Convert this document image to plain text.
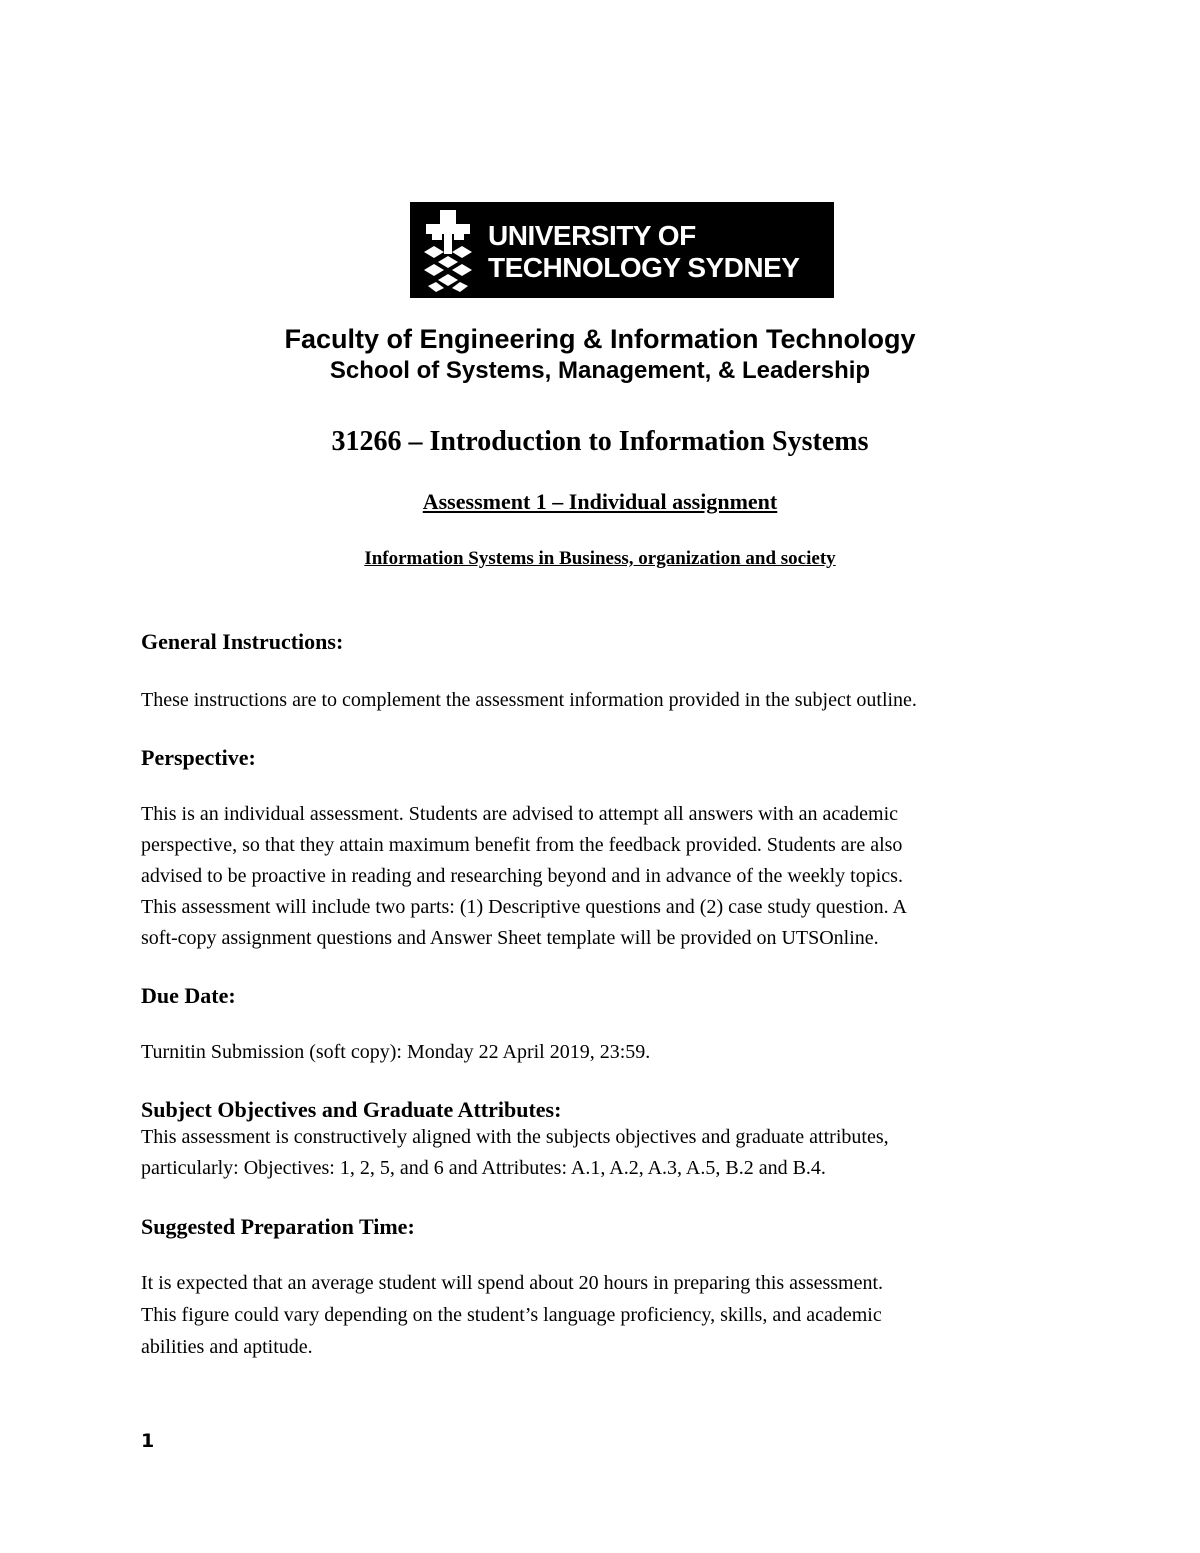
UNIVERSITY OF
TECHNOLOGY SYDNEY
Faculty of Engineering & Information Technology
School of Systems, Management, & Leadership
31266 – Introduction to Information Systems
Assessment 1 – Individual assignment
Information Systems in Business, organization and society
General Instructions:
These instructions are to complement the assessment information provided in the subject outline.
Perspective:
This is an individual assessment. Students are advised to attempt all answers with an academic
perspective, so that they attain maximum benefit from the feedback provided. Students are also
advised to be proactive in reading and researching beyond and in advance of the weekly topics.
This assessment will include two parts: (1) Descriptive questions and (2) case study question. A
soft-copy assignment questions and Answer Sheet template will be provided on UTSOnline.
Due Date:
Turnitin Submission (soft copy): Monday 22 April 2019, 23:59.
Subject Objectives and Graduate Attributes:
This assessment is constructively aligned with the subjects objectives and graduate attributes,
particularly: Objectives: 1, 2, 5, and 6 and Attributes: A.1, A.2, A.3, A.5, B.2 and B.4.
Suggested Preparation Time:
It is expected that an average student will spend about 20 hours in preparing this assessment.
This figure could vary depending on the student’s language proficiency, skills, and academic
abilities and aptitude.
1
